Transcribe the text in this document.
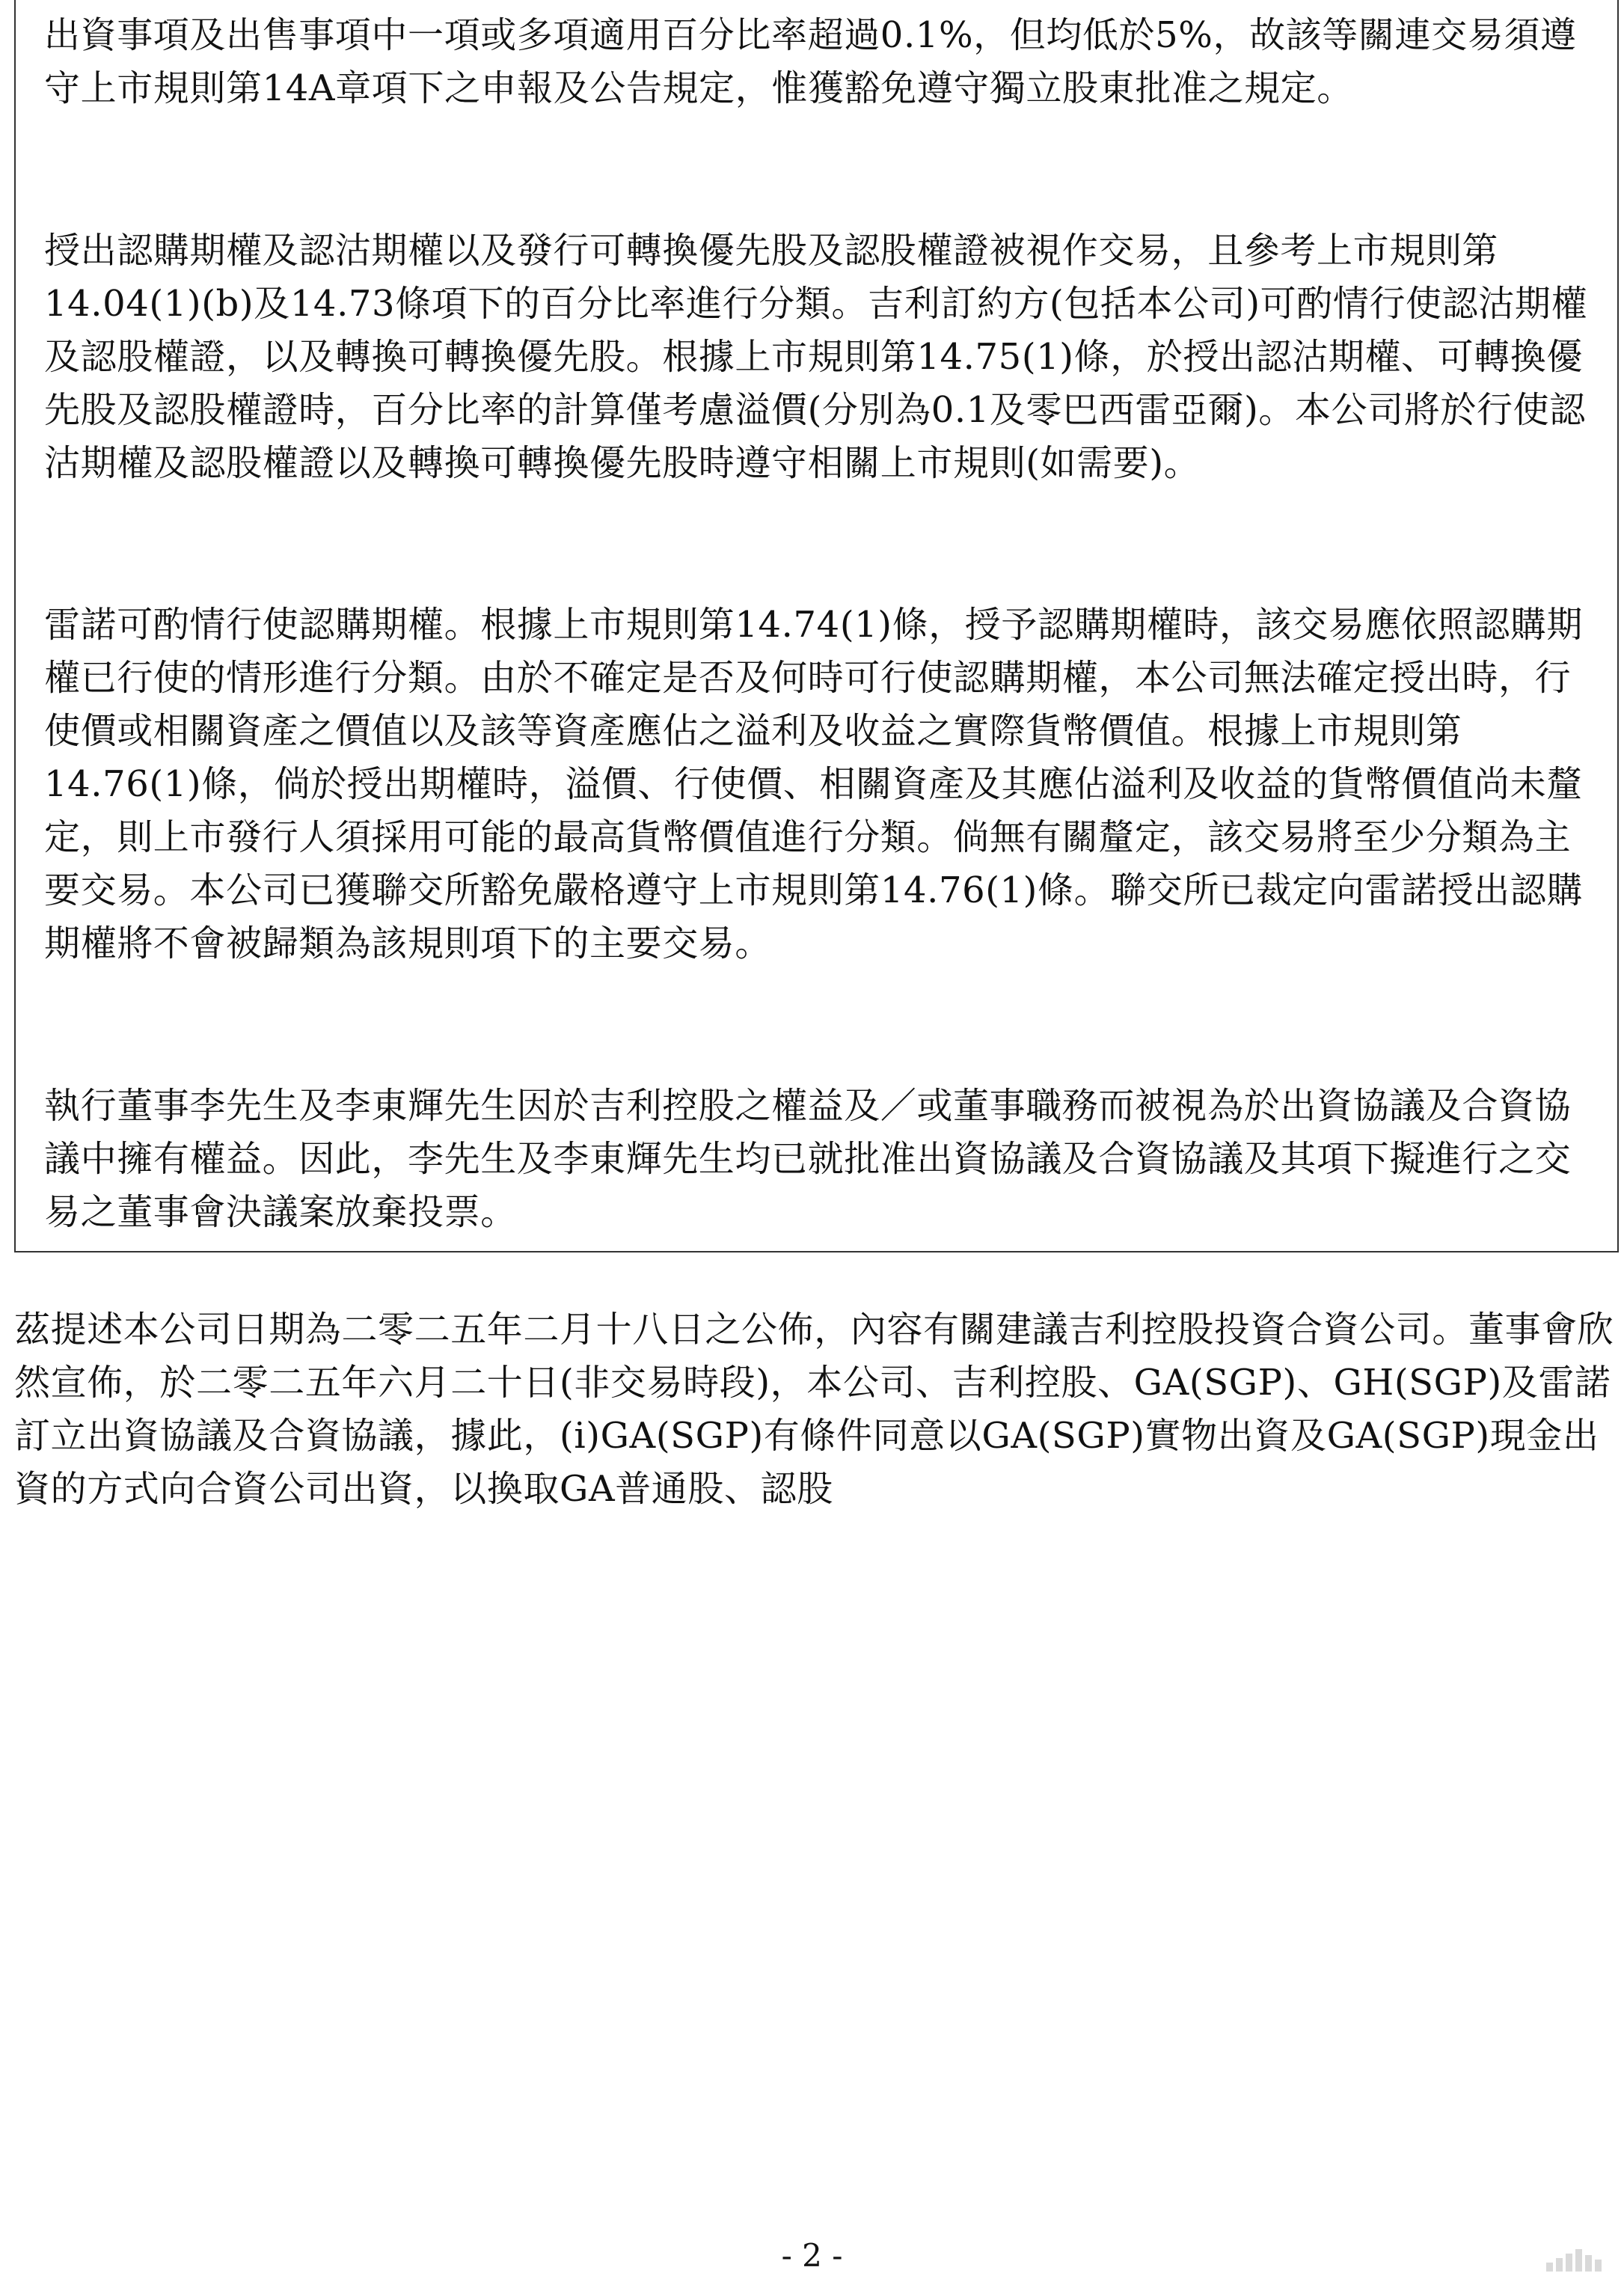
出資事項及出售事項中一項或多項適用百分比率超過0.1%，但均低於5%，故該等關連交易須遵守上市規則第14A章項下之申報及公告規定，惟獲豁免遵守獨立股東批准之規定。

授出認購期權及認沽期權以及發行可轉換優先股及認股權證被視作交易，且參考上市規則第14.04(1)(b)及14.73條項下的百分比率進行分類。吉利訂約方(包括本公司)可酌情行使認沽期權及認股權證，以及轉換可轉換優先股。根據上市規則第14.75(1)條，於授出認沽期權、可轉換優先股及認股權證時，百分比率的計算僅考慮溢價(分別為0.1及零巴西雷亞爾)。本公司將於行使認沽期權及認股權證以及轉換可轉換優先股時遵守相關上市規則(如需要)。

雷諾可酌情行使認購期權。根據上市規則第14.74(1)條，授予認購期權時，該交易應依照認購期權已行使的情形進行分類。由於不確定是否及何時可行使認購期權，本公司無法確定授出時，行使價或相關資產之價值以及該等資產應佔之溢利及收益之實際貨幣價值。根據上市規則第14.76(1)條，倘於授出期權時，溢價、行使價、相關資產及其應佔溢利及收益的貨幣價值尚未釐定，則上市發行人須採用可能的最高貨幣價值進行分類。倘無有關釐定，該交易將至少分類為主要交易。本公司已獲聯交所豁免嚴格遵守上市規則第14.76(1)條。聯交所已裁定向雷諾授出認購期權將不會被歸類為該規則項下的主要交易。

執行董事李先生及李東輝先生因於吉利控股之權益及／或董事職務而被視為於出資協議及合資協議中擁有權益。因此，李先生及李東輝先生均已就批准出資協議及合資協議及其項下擬進行之交易之董事會決議案放棄投票。

茲提述本公司日期為二零二五年二月十八日之公佈，內容有關建議吉利控股投資合資公司。董事會欣然宣佈，於二零二五年六月二十日(非交易時段)，本公司、吉利控股、GA(SGP)、GH(SGP)及雷諾訂立出資協議及合資協議，據此，(i)GA(SGP)有條件同意以GA(SGP)實物出資及GA(SGP)現金出資的方式向合資公司出資，以換取GA普通股、認股

- 2 -
